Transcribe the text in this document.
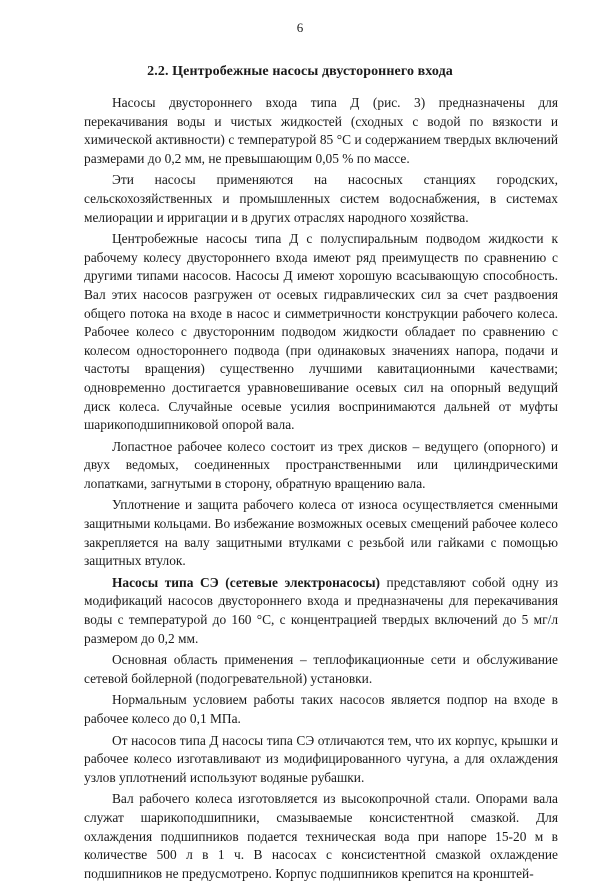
6
2.2. Центробежные насосы двустороннего входа

Насосы двустороннего входа типа Д (рис. 3) предназначены для перекачивания воды и чистых жидкостей (сходных с водой по вязкости и химической активности) с температурой 85 °С и содержанием твердых включений размерами до 0,2 мм, не превышающим 0,05 % по массе.

Эти насосы применяются на насосных станциях городских, сельскохозяйственных и промышленных систем водоснабжения, в системах мелиорации и ирригации и в других отраслях народного хозяйства.

Центробежные насосы типа Д с полуспиральным подводом жидкости к рабочему колесу двустороннего входа имеют ряд преимуществ по сравнению с другими типами насосов. Насосы Д имеют хорошую всасывающую способность. Вал этих насосов разгружен от осевых гидравлических сил за счет раздвоения общего потока на входе в насос и симметричности конструкции рабочего колеса. Рабочее колесо с двусторонним подводом жидкости обладает по сравнению с колесом одностороннего подвода (при одинаковых значениях напора, подачи и частоты вращения) существенно лучшими кавитационными качествами; одновременно достигается уравновешивание осевых сил на опорный ведущий диск колеса. Случайные осевые усилия воспринимаются дальней от муфты шарикоподшипниковой опорой вала.

Лопастное рабочее колесо состоит из трех дисков – ведущего (опорного) и двух ведомых, соединенных пространственными или цилиндрическими лопатками, загнутыми в сторону, обратную вращению вала.

Уплотнение и защита рабочего колеса от износа осуществляется сменными защитными кольцами. Во избежание возможных осевых смещений рабочее колесо закрепляется на валу защитными втулками с резьбой или гайками с помощью защитных втулок.

Насосы типа СЭ (сетевые электронасосы) представляют собой одну из модификаций насосов двустороннего входа и предназначены для перекачивания воды с температурой до 160 °С, с концентрацией твердых включений до 5 мг/л размером до 0,2 мм.

Основная область применения – теплофикационные сети и обслуживание сетевой бойлерной (подогревательной) установки.

Нормальным условием работы таких насосов является подпор на входе в рабочее колесо до 0,1 МПа.

От насосов типа Д насосы типа СЭ отличаются тем, что их корпус, крышки и рабочее колесо изготавливают из модифицированного чугуна, а для охлаждения узлов уплотнений используют водяные рубашки.

Вал рабочего колеса изготовляется из высокопрочной стали. Опорами вала служат шарикоподшипники, смазываемые консистентной смазкой. Для охлаждения подшипников подается техническая вода при напоре 15-20 м в количестве 500 л в 1 ч. В насосах с консистентной смазкой охлаждение подшипников не предусмотрено. Корпус подшипников крепится на кронштей-
